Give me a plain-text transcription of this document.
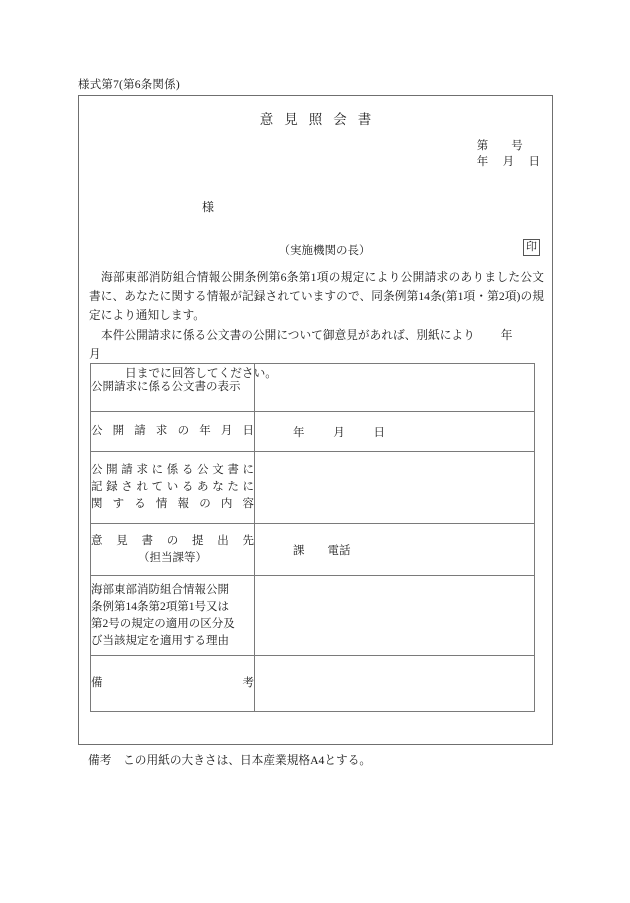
様式第7(第6条関係)
意見照会書
第        号
年     月     日
様
（実施機関の長）	印
海部東部消防組合情報公開条例第6条第1項の規定により公開請求のありました公文書に、あなたに関する情報が記録されていますので、同条例第14条(第1項・第2項)の規定により通知します。
本件公開請求に係る公文書の公開について御意見があれば、別紙により 年月
日までに回答してください。
公開請求に係る公文書の表示	

公開請求の年月日	年          月          日

公開請求に係る公文書に
記録されているあなたに
関する情報の内容	

意見書の提出先
（担当課等）	課        電話

海部東部消防組合情報公開
条例第14条第2項第1号又は
第2号の規定の適用の区分及
び当該規定を適用する理由	

備考	

備考　この用紙の大きさは、日本産業規格A4とする。
